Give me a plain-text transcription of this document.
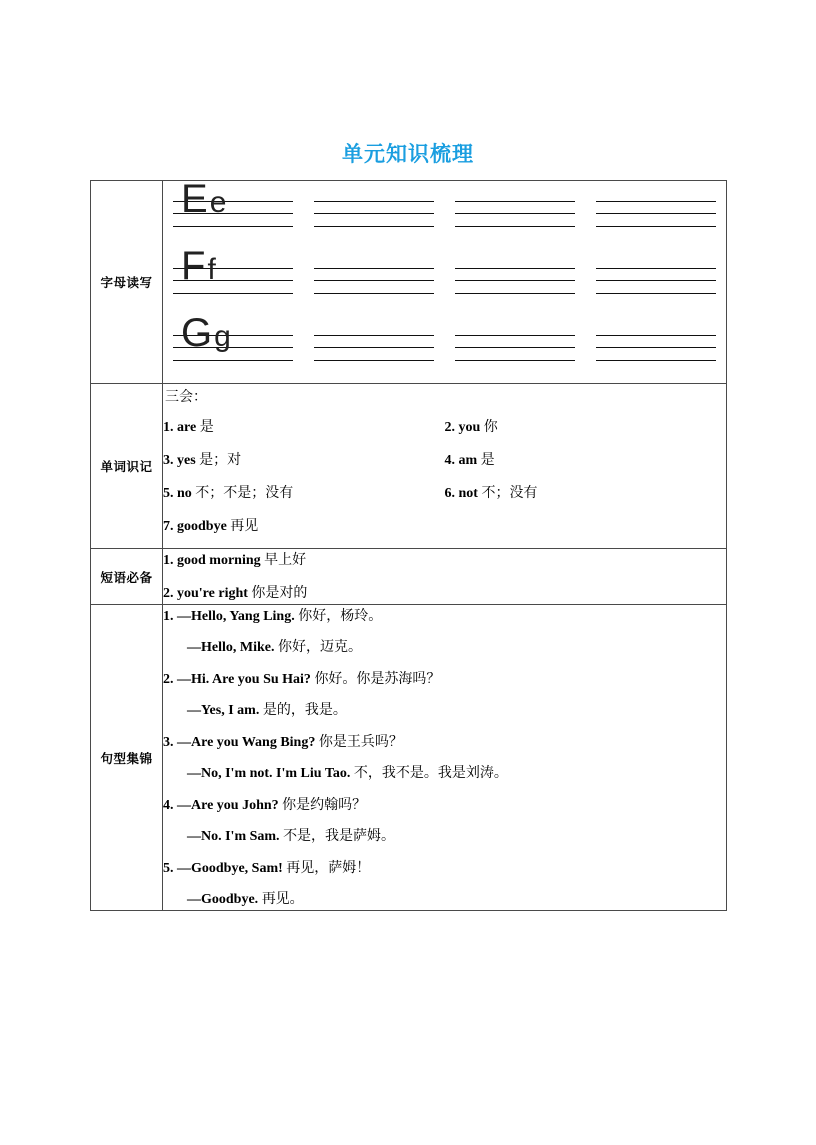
单元知识梳理
字母读写	Ee
Ff
Gg

单词识记	
三会：
1. are 是	2. you 你
3. yes 是；对	4. am 是
5. no 不；不是；没有	6. not 不；没有
7. goodbye 再见

短语必备	1. good morning 早上好
2. you're right 你是对的

句型集锦	
1. —Hello, Yang Ling. 你好，杨玲。
—Hello, Mike. 你好，迈克。
2. —Hi. Are you Su Hai? 你好。你是苏海吗？
—Yes, I am. 是的，我是。
3. —Are you Wang Bing? 你是王兵吗？
—No, I'm not. I'm Liu Tao. 不，我不是。我是刘涛。
4. —Are you John? 你是约翰吗？
—No. I'm Sam. 不是，我是萨姆。
5. —Goodbye, Sam! 再见，萨姆！
—Goodbye. 再见。
